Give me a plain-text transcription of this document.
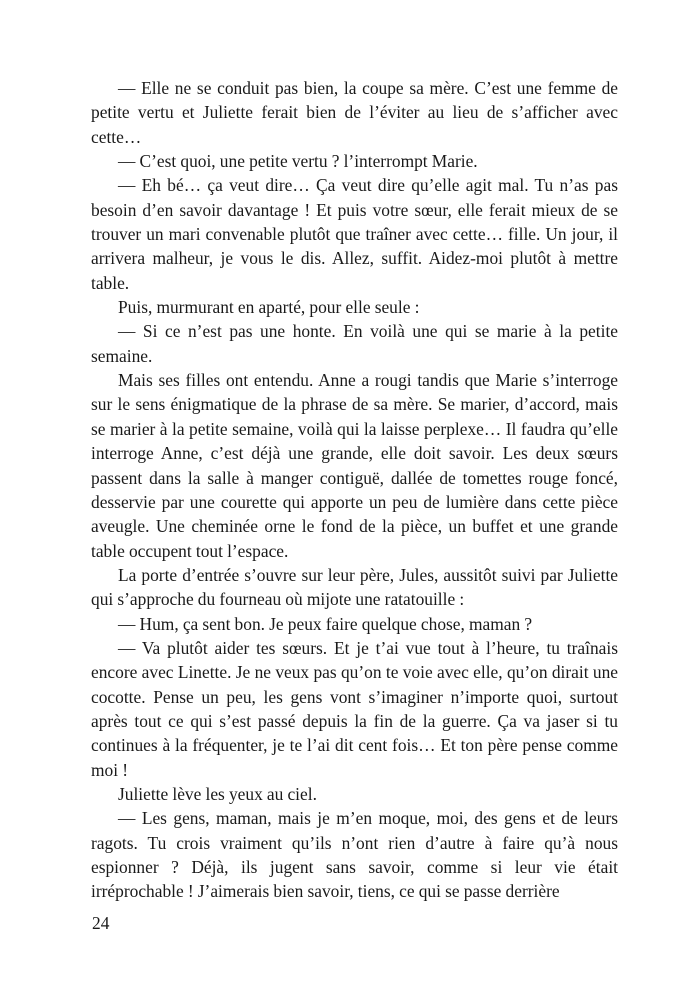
— Elle ne se conduit pas bien, la coupe sa mère. C’est une femme de petite vertu et Juliette ferait bien de l’éviter au lieu de s’afficher avec cette…

— C’est quoi, une petite vertu ? l’interrompt Marie.

— Eh bé… ça veut dire… Ça veut dire qu’elle agit mal. Tu n’as pas besoin d’en savoir davantage ! Et puis votre sœur, elle ferait mieux de se trouver un mari convenable plutôt que traîner avec cette… fille. Un jour, il arrivera malheur, je vous le dis. Allez, suffit. Aidez-moi plutôt à mettre table.

Puis, murmurant en aparté, pour elle seule :

— Si ce n’est pas une honte. En voilà une qui se marie à la petite semaine.

Mais ses filles ont entendu. Anne a rougi tandis que Marie s’interroge sur le sens énigmatique de la phrase de sa mère. Se marier, d’accord, mais se marier à la petite semaine, voilà qui la laisse perplexe… Il faudra qu’elle interroge Anne, c’est déjà une grande, elle doit savoir. Les deux sœurs passent dans la salle à manger contiguë, dallée de tomettes rouge foncé, desservie par une courette qui apporte un peu de lumière dans cette pièce aveugle. Une cheminée orne le fond de la pièce, un buffet et une grande table occupent tout l’espace.

La porte d’entrée s’ouvre sur leur père, Jules, aussitôt suivi par Juliette qui s’approche du fourneau où mijote une ratatouille :

— Hum, ça sent bon. Je peux faire quelque chose, maman ?

— Va plutôt aider tes sœurs. Et je t’ai vue tout à l’heure, tu traînais encore avec Linette. Je ne veux pas qu’on te voie avec elle, qu’on dirait une cocotte. Pense un peu, les gens vont s’imaginer n’importe quoi, surtout après tout ce qui s’est passé depuis la fin de la guerre. Ça va jaser si tu continues à la fréquenter, je te l’ai dit cent fois… Et ton père pense comme moi !

Juliette lève les yeux au ciel.

— Les gens, maman, mais je m’en moque, moi, des gens et de leurs ragots. Tu crois vraiment qu’ils n’ont rien d’autre à faire qu’à nous espionner ? Déjà, ils jugent sans savoir, comme si leur vie était irréprochable ! J’aimerais bien savoir, tiens, ce qui se passe derrière

24
